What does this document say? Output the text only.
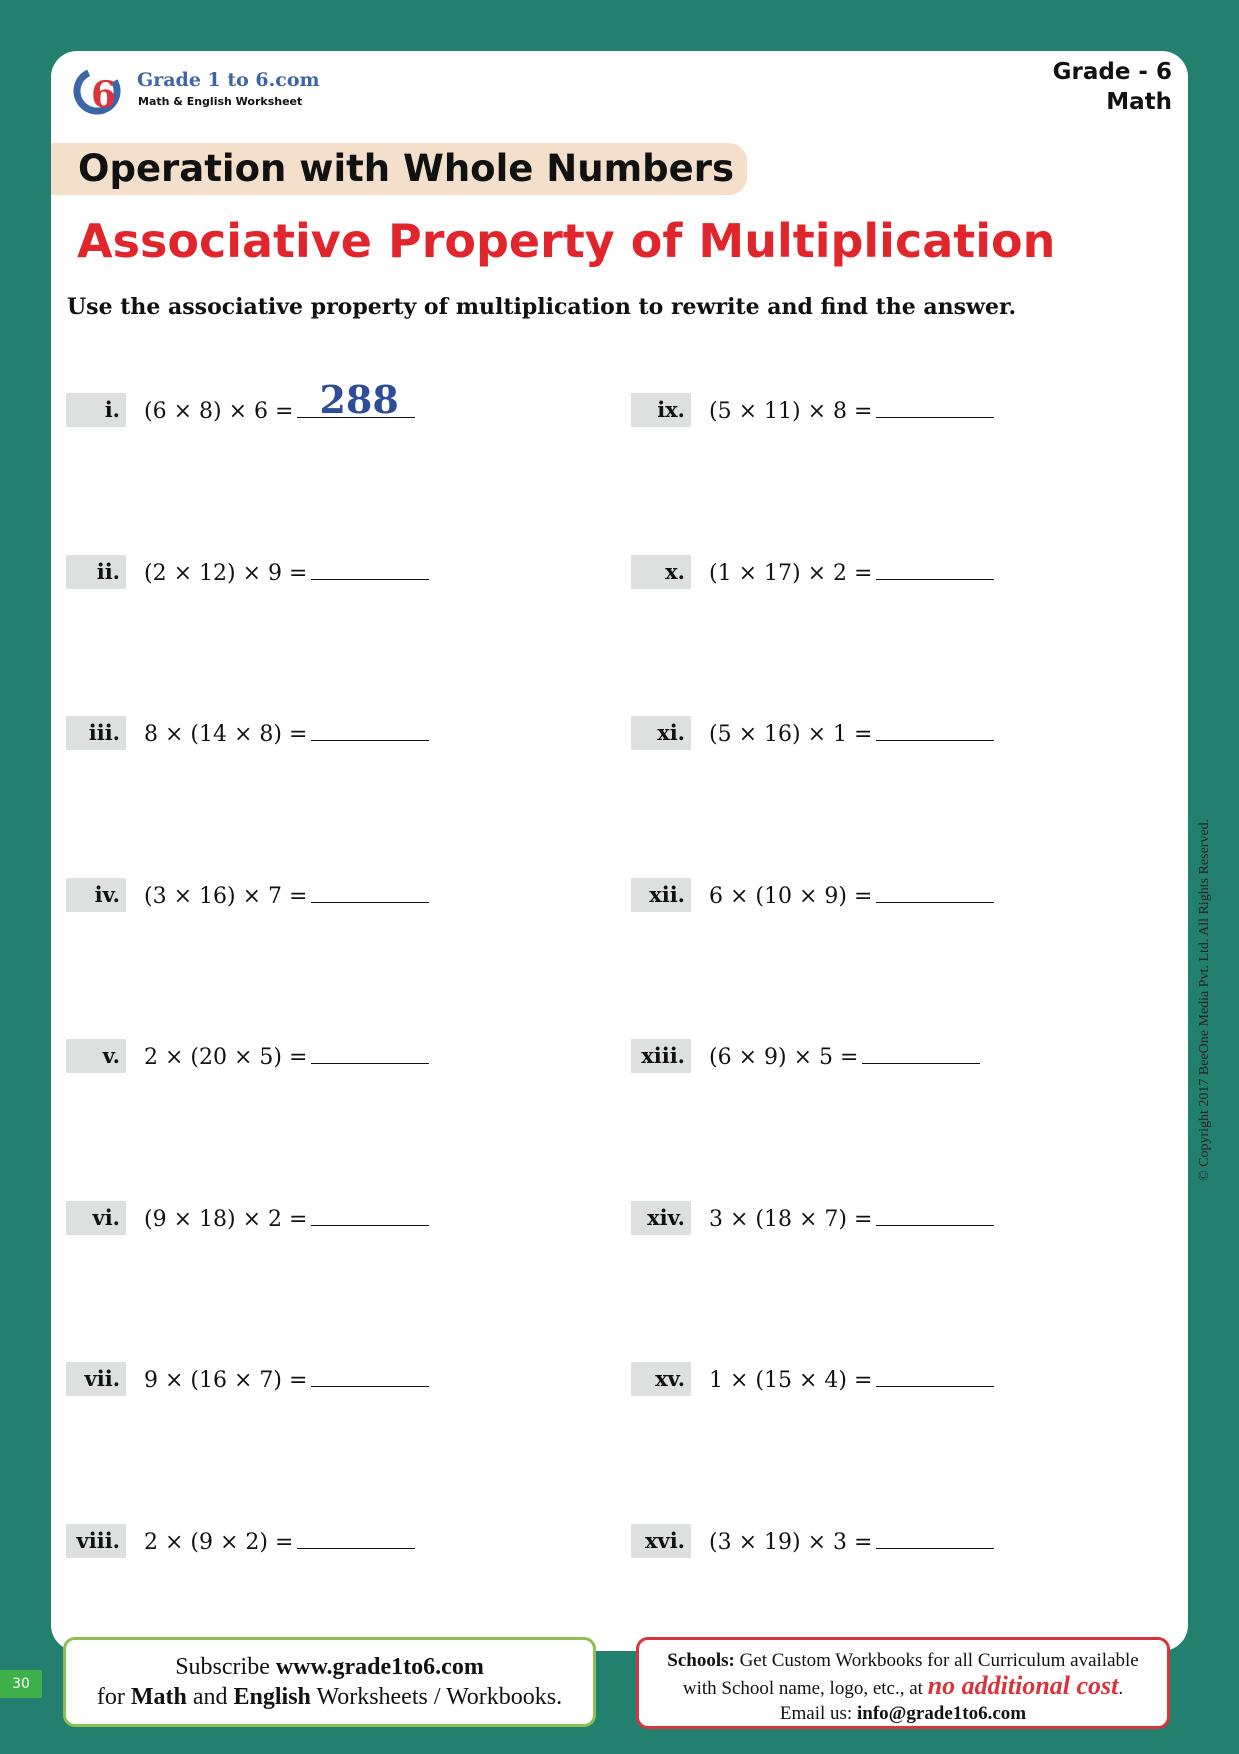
6 Grade 1 to 6.com
Math & English Worksheet
Grade - 6
Math
Operation with Whole Numbers
Associative Property of Multiplication
Use the associative property of multiplication to rewrite and find the answer.
i. (6 × 8) × 6 = 288
ii. (2 × 12) × 9 =
iii. 8 × (14 × 8) =
iv. (3 × 16) × 7 =
v. 2 × (20 × 5) =
vi. (9 × 18) × 2 =
vii. 9 × (16 × 7) =
viii. 2 × (9 × 2) =
ix. (5 × 11) × 8 =
x. (1 × 17) × 2 =
xi. (5 × 16) × 1 =
xii. 6 × (10 × 9) =
xiii. (6 × 9) × 5 =
xiv. 3 × (18 × 7) =
xv. 1 × (15 × 4) =
xvi. (3 × 19) × 3 =
© Copyright 2017 BeeOne Media Pvt. Ltd. All Rights Reserved.
30
Subscribe www.grade1to6.com
for Math and English Worksheets / Workbooks.
Schools: Get Custom Workbooks for all Curriculum available
with School name, logo, etc., at no additional cost.
Email us: info@grade1to6.com
